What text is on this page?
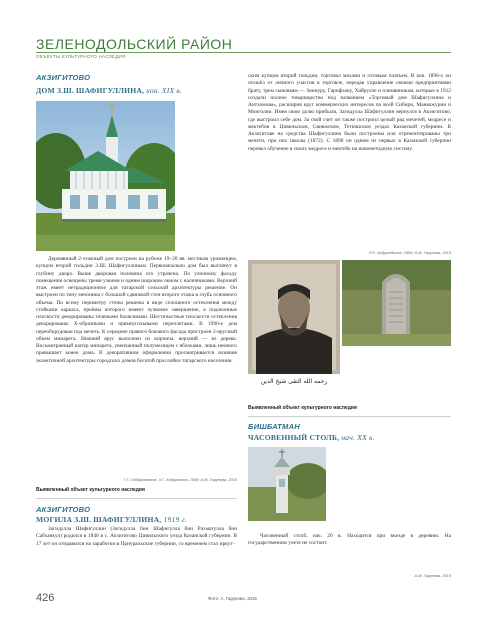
ЗЕЛЕНОДОЛЬСКИЙ РАЙОН
ОБЪЕКТЫ КУЛЬТУРНОГО НАСЛЕДИЯ
АКЗИГИТОВО
ДОМ З.Ш. ШАФИГУЛЛИНА, кон. XIX в.
Деревянный 2-этажный дом построен на рубеже 19–20 вв. местным уроженцем, купцом второй гильдии З.Ш. Шафигуллиным. Первоначально дом был выглянут в глубину двора. Выше дворовая половина его утрачена. По уличному фасаду помещения освещены тремя узкими и одним широким окном с наличниками. Верхний этаж имеет нетрадиционное для татарской сельской архитектуры решение. Он выстроен по типу мезонина с большой сдвижкой стен второго этажа в глубь основного объема. По всему периметру стены решены в виде сплошного остекления между стойками каркаса, проёмы которого имеют лучковое завершение, а подоконные плоскости декорированы точеными балясинами. Шестичастные плоскости остекления декорированы Х-образными и прямоугольными переплетами. В 1990-е дом переоборудован под мечеть. К середине правого бокового фасада пристроен 2-ярусный объем минарета. Нижний ярус выполнен из кирпича, верхний — из дерева. Восьмигранный шатер минарета, увенчанный полумесяцем с яблоками, лишь немного превышает конек дома. В декоративном оформлении просматривается влияние эклектичной архитектуры городских домов богатой прослойки татарского населения.
Г.Г. Габдрахманов, З.Г. Хайруллина, 1999; А.М. Гарунова, 2015
Выявленный объект культурного наследия
АКЗИГИТОВО
МОГИЛА З.Ш. ШАФИГУЛЛИНА, 1919 г.
Загидулла Шафигуллин (Загидулла бин Шафигулла бин Рахматулла бин Сабханкул) родился в 1840 в с. Акзигитово Цивильского уезда Казанской губернии. В 17 лет он отправился на заработки в Приуральские губернии, со временем стал иркут-
ским купцом второй гильдии, торговал мехами и готовым платьем. В кон. 1890-х он отошёл от личного участия в торговле, передав управление своими предприятиями брату, трем сыновьям — Зиннуру, Гарифзану, Хайрулле и племянникам, которые в 1912 создали полное товарищество под названием «Торговый дом Шафигуллина и Аитхомова», расширив круг коммерческих интересов по всей Сибири, Маньчжурии и Монголии. Имея свою долю прибыли, Загидулла Шафигуллин вернулся в Акзигитово, где выстроил себе дом. За свой счет он также построил целый ряд мечетей, медресе и мектебов в Цивильском, Свияжском, Тетюшском уездах Казанской губернии. В Акзигитове на средства Шафигуллина были построены или отремонтированы три мечети, при них школы (1872). С 1898 он одним из первых в Казанской губернии перевел обучение в своих медресе и мектебе на новометодную систему.
Р.З. Хайрутдинов, 1995; А.М. Гарунова, 2015
رحمه الله التقى شيخ الدين
Выявленный объект культурного наследия
БИШБАТМАН
ЧАСОВЕННЫЙ СТОЛБ, нач. XX в.
Часовенный столб, нач. 20 в. Находится при въезде в деревню. На государственном учете не состоит.
А.М. Гарунова, 2015
426	Фото: А. Гарунова, 2015
